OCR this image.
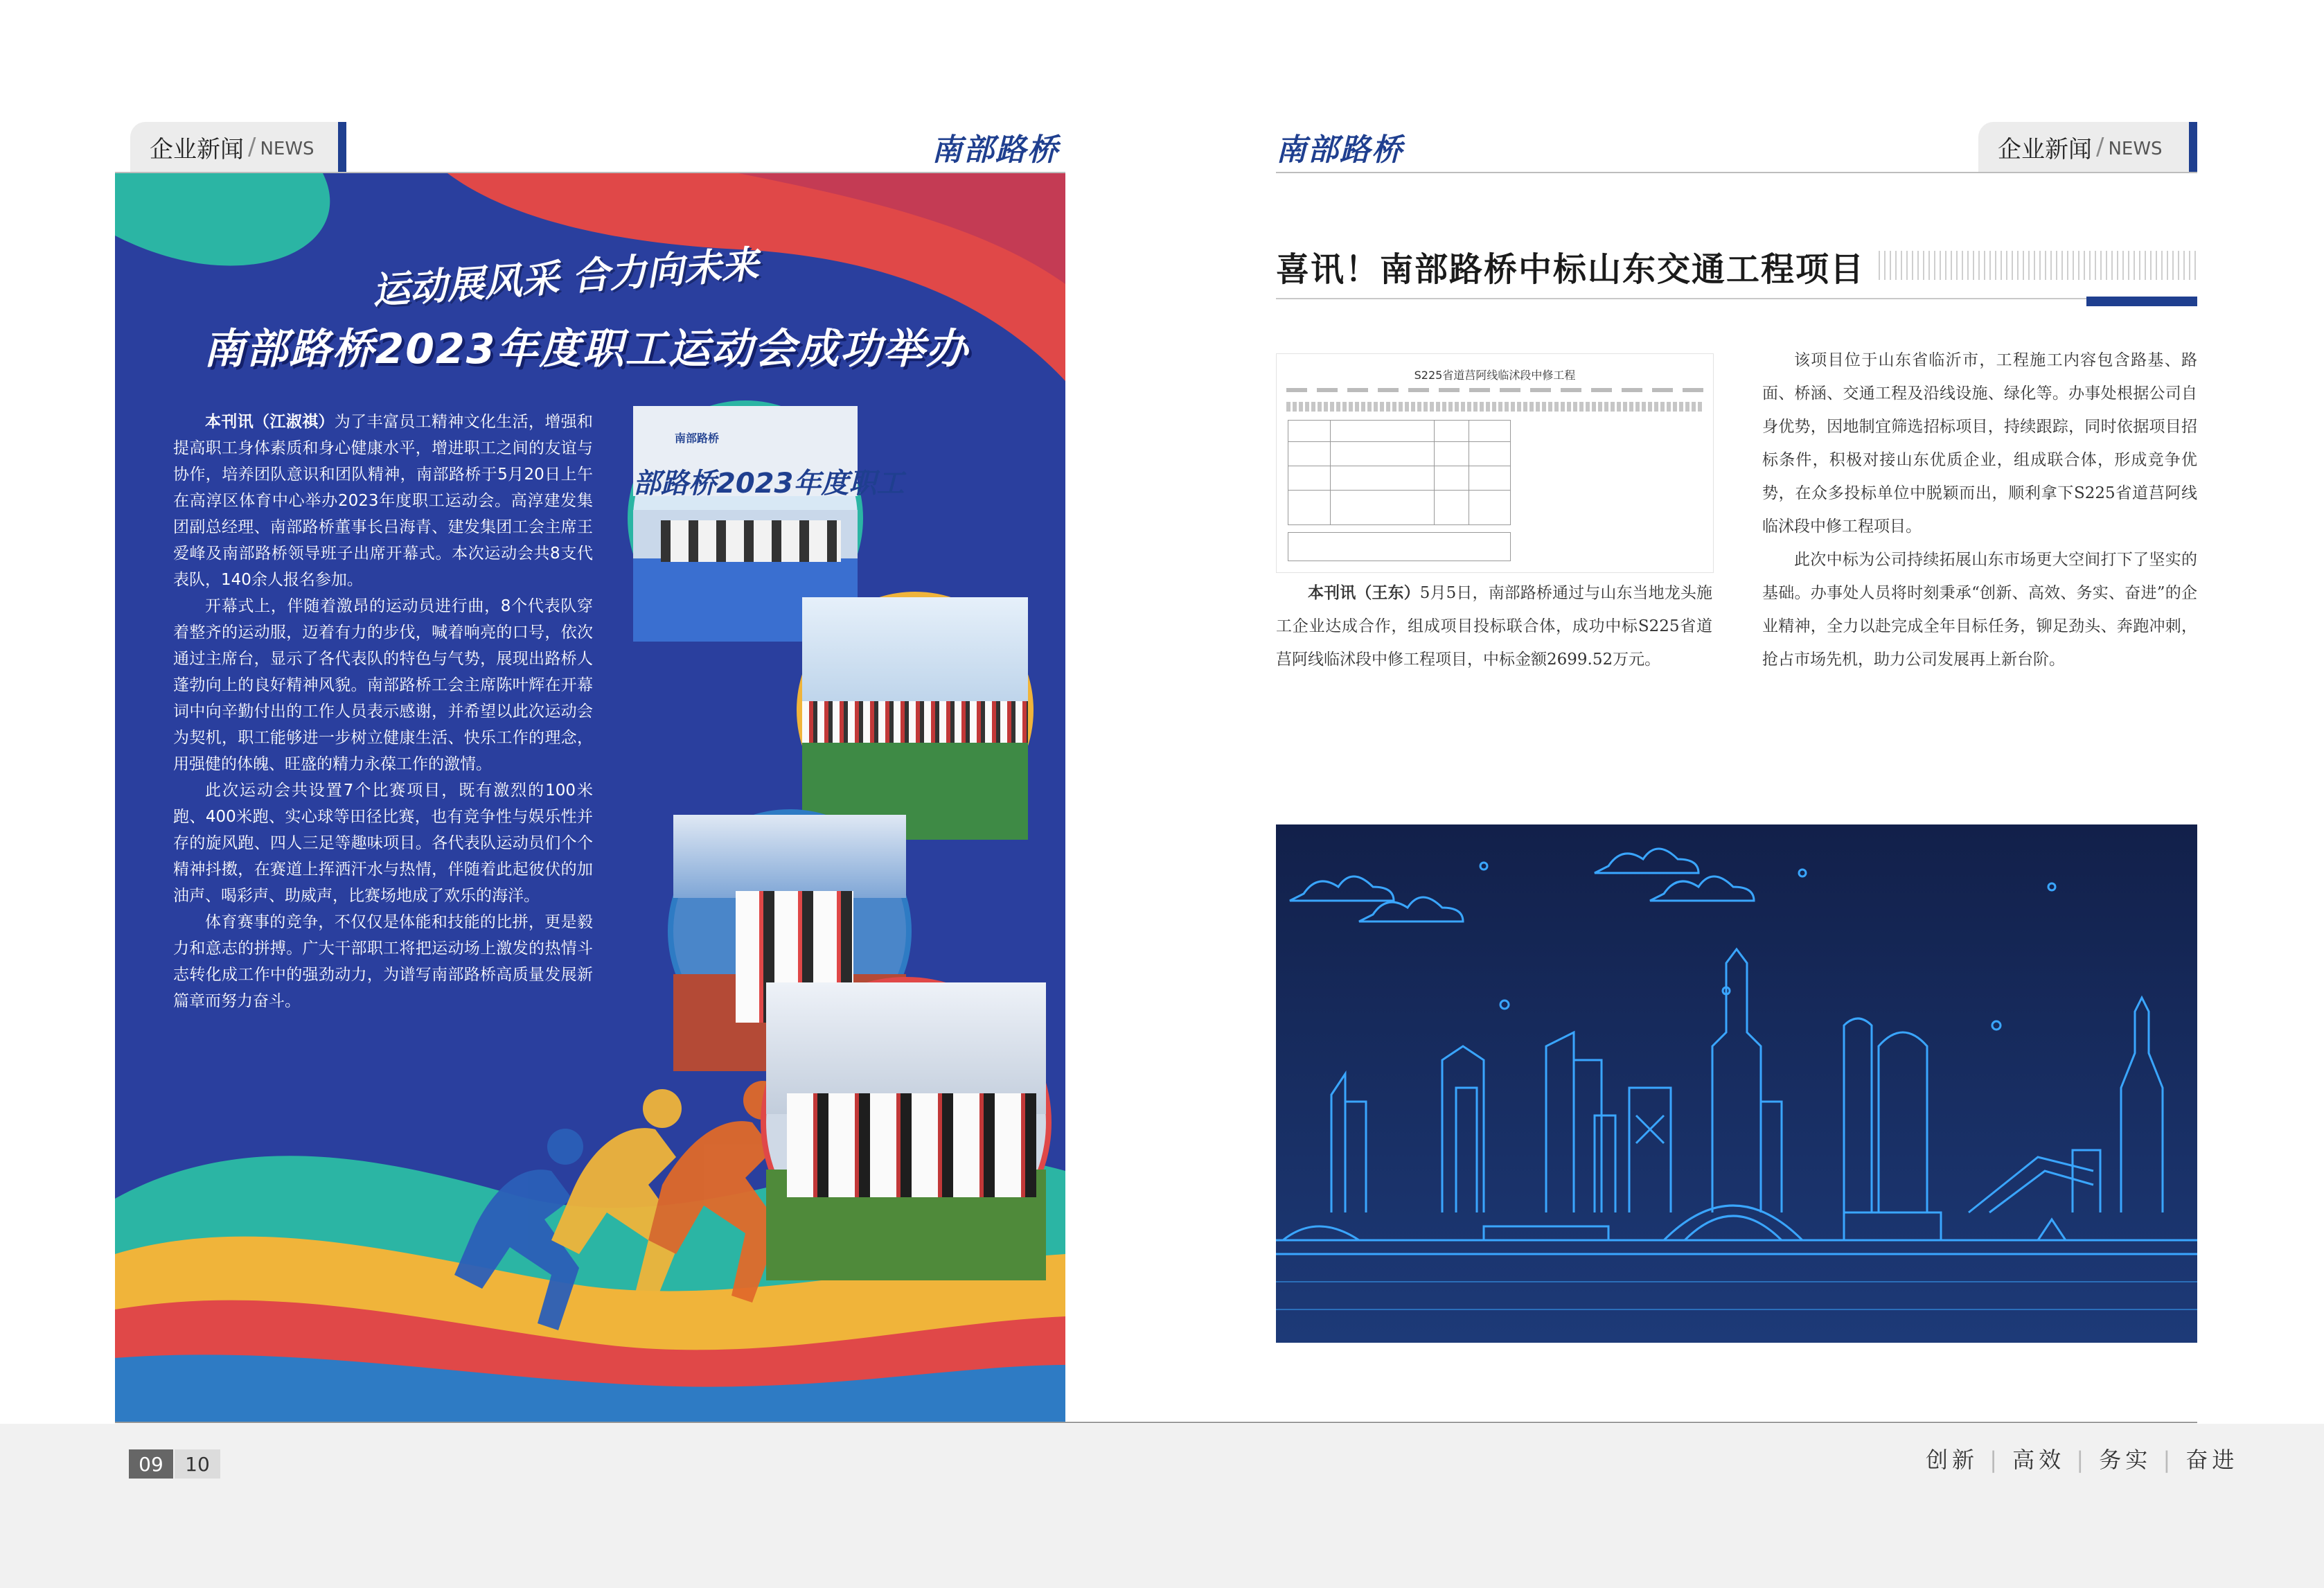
企业新闻 / NEWS	南部路桥
运动展风采 合力向未来
南部路桥2023年度职工运动会成功举办

本刊讯（江淑祺）为了丰富员工精神文化生活，增强和提高职工身体素质和身心健康水平，增进职工之间的友谊与协作，培养团队意识和团队精神，南部路桥于5月20日上午在高淳区体育中心举办2023年度职工运动会。高淳建发集团副总经理、南部路桥董事长吕海青、建发集团工会主席王爱峰及南部路桥领导班子出席开幕式。本次运动会共8支代表队，140余人报名参加。

开幕式上，伴随着激昂的运动员进行曲，8个代表队穿着整齐的运动服，迈着有力的步伐，喊着响亮的口号，依次通过主席台，显示了各代表队的特色与气势，展现出路桥人蓬勃向上的良好精神风貌。南部路桥工会主席陈叶辉在开幕词中向辛勤付出的工作人员表示感谢，并希望以此次运动会为契机，职工能够进一步树立健康生活、快乐工作的理念，用强健的体魄、旺盛的精力永葆工作的激情。

此次运动会共设置7个比赛项目，既有激烈的100米跑、400米跑、实心球等田径比赛，也有竞争性与娱乐性并存的旋风跑、四人三足等趣味项目。各代表队运动员们个个精神抖擞，在赛道上挥洒汗水与热情，伴随着此起彼伏的加油声、喝彩声、助威声，比赛场地成了欢乐的海洋。

体育赛事的竞争，不仅仅是体能和技能的比拼，更是毅力和意志的拼搏。广大干部职工将把运动场上激发的热情斗志转化成工作中的强劲动力，为谱写南部路桥高质量发展新篇章而努力奋斗。

南部路桥
部路桥2023年度职工
南部路桥	企业新闻 / NEWS
喜讯！南部路桥中标山东交通工程项目
S225省道莒阿线临沭段中修工程

本刊讯（王东）5月5日，南部路桥通过与山东当地龙头施工企业达成合作，组成项目投标联合体，成功中标S225省道莒阿线临沭段中修工程项目，中标金额2699.52万元。

该项目位于山东省临沂市，工程施工内容包含路基、路面、桥涵、交通工程及沿线设施、绿化等。办事处根据公司自身优势，因地制宜筛选招标项目，持续跟踪，同时依据项目招标条件，积极对接山东优质企业，组成联合体，形成竞争优势，在众多投标单位中脱颖而出，顺利拿下S225省道莒阿线临沭段中修工程项目。

此次中标为公司持续拓展山东市场更大空间打下了坚实的基础。办事处人员将时刻秉承“创新、高效、务实、奋进”的企业精神，全力以赴完成全年目标任务，铆足劲头、奔跑冲刺，抢占市场先机，助力公司发展再上新台阶。

09	10	创新 | 高效 | 务实 | 奋进
